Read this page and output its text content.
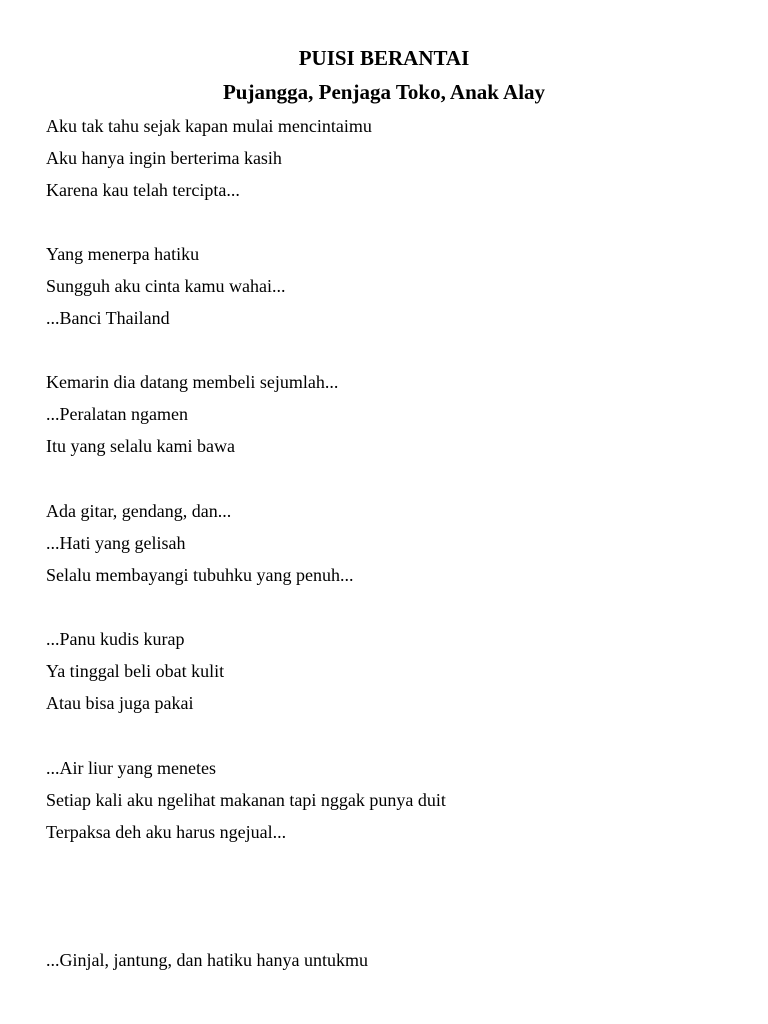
PUISI BERANTAI
Pujangga, Penjaga Toko, Anak Alay
Aku tak tahu sejak kapan mulai mencintaimu
Aku hanya ingin berterima kasih
Karena kau telah tercipta...
Yang menerpa hatiku
Sungguh aku cinta kamu wahai...
...Banci Thailand
Kemarin dia datang membeli sejumlah...
...Peralatan ngamen
Itu yang selalu kami bawa
Ada gitar, gendang, dan...
...Hati yang gelisah
Selalu membayangi tubuhku yang penuh...
...Panu kudis kurap
Ya tinggal beli obat kulit
Atau bisa juga pakai
...Air liur yang menetes
Setiap kali aku ngelihat makanan tapi nggak punya duit
Terpaksa deh aku harus ngejual...
...Ginjal, jantung, dan hatiku hanya untukmu
